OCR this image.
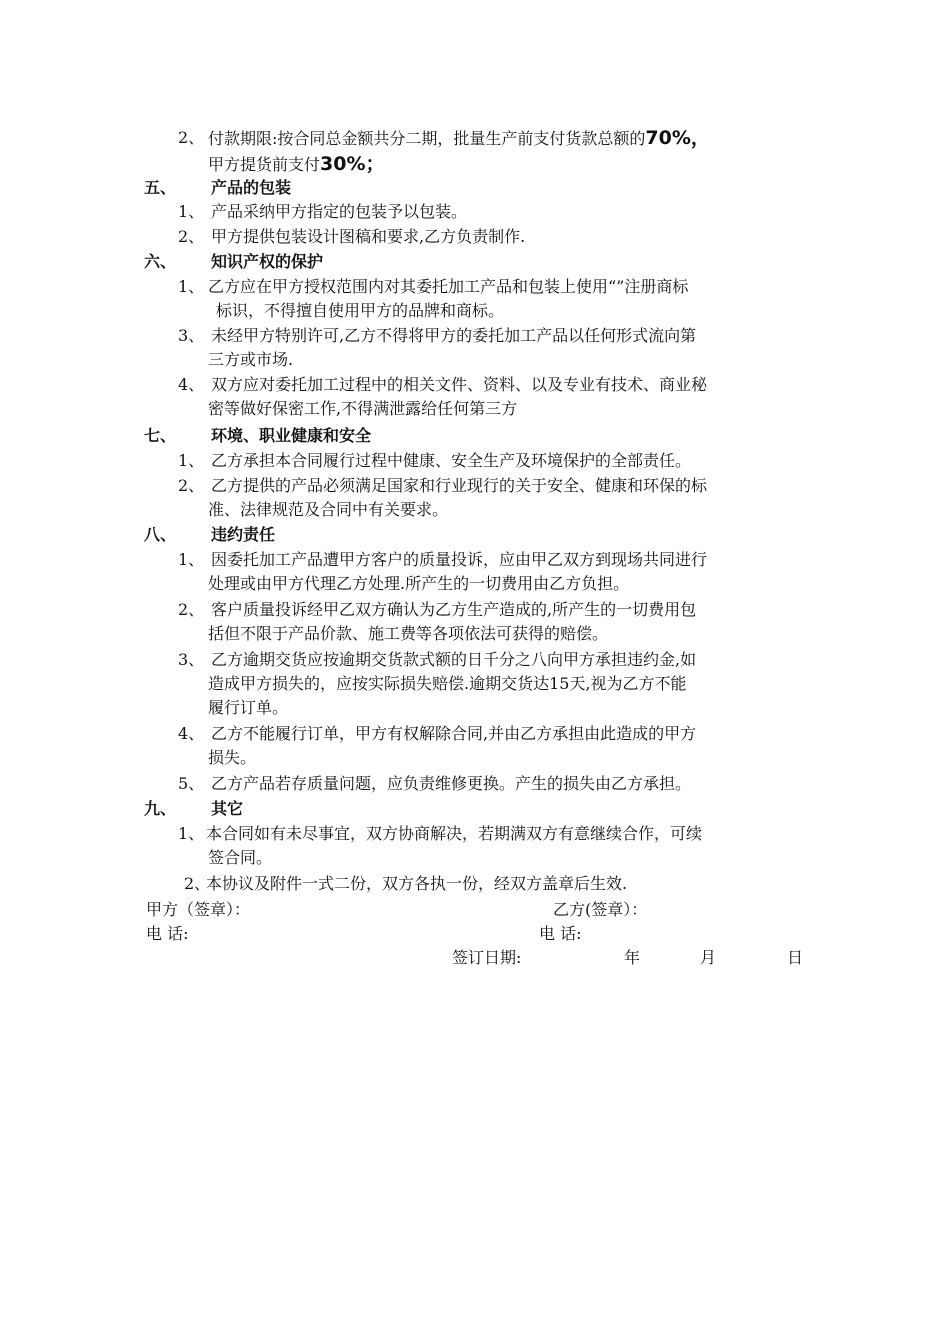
2、 付款期限:按合同总金额共分二期，批量生产前支付货款总额的70%，
甲方提货前支付30%；
五、 产品的包装
1、 产品采纳甲方指定的包装予以包装。
2、 甲方提供包装设计图稿和要求,乙方负责制作.
六、 知识产权的保护
1、 乙方应在甲方授权范围内对其委托加工产品和包装上使用“”注册商标
标识，不得擅自使用甲方的品牌和商标。
3、 未经甲方特别许可,乙方不得将甲方的委托加工产品以任何形式流向第
三方或市场.
4、 双方应对委托加工过程中的相关文件、资料、以及专业有技术、商业秘
密等做好保密工作,不得满泄露给任何第三方
七、 环境、职业健康和安全
1、 乙方承担本合同履行过程中健康、安全生产及环境保护的全部责任。
2、 乙方提供的产品必须满足国家和行业现行的关于安全、健康和环保的标
准、法律规范及合同中有关要求。
八、 违约责任
1、 因委托加工产品遭甲方客户的质量投诉，应由甲乙双方到现场共同进行
处理或由甲方代理乙方处理.所产生的一切费用由乙方负担。
2、 客户质量投诉经甲乙双方确认为乙方生产造成的,所产生的一切费用包
括但不限于产品价款、施工费等各项依法可获得的赔偿。
3、 乙方逾期交货应按逾期交货款式额的日千分之八向甲方承担违约金,如
造成甲方损失的，应按实际损失赔偿.逾期交货达15天,视为乙方不能
履行订单。
4、 乙方不能履行订单，甲方有权解除合同,并由乙方承担由此造成的甲方
损失。
5、 乙方产品若存质量问题，应负责维修更换。产生的损失由乙方承担。
九、 其它
1、 本合同如有未尽事宜，双方协商解决，若期满双方有意继续合作，可续
签合同。
2、
本协议及附件一式二份，双方各执一份，经双方盖章后生效.
甲方（签章）：	乙方(签章）：
电 话:	电 话:
签订日期:	年	月	日
